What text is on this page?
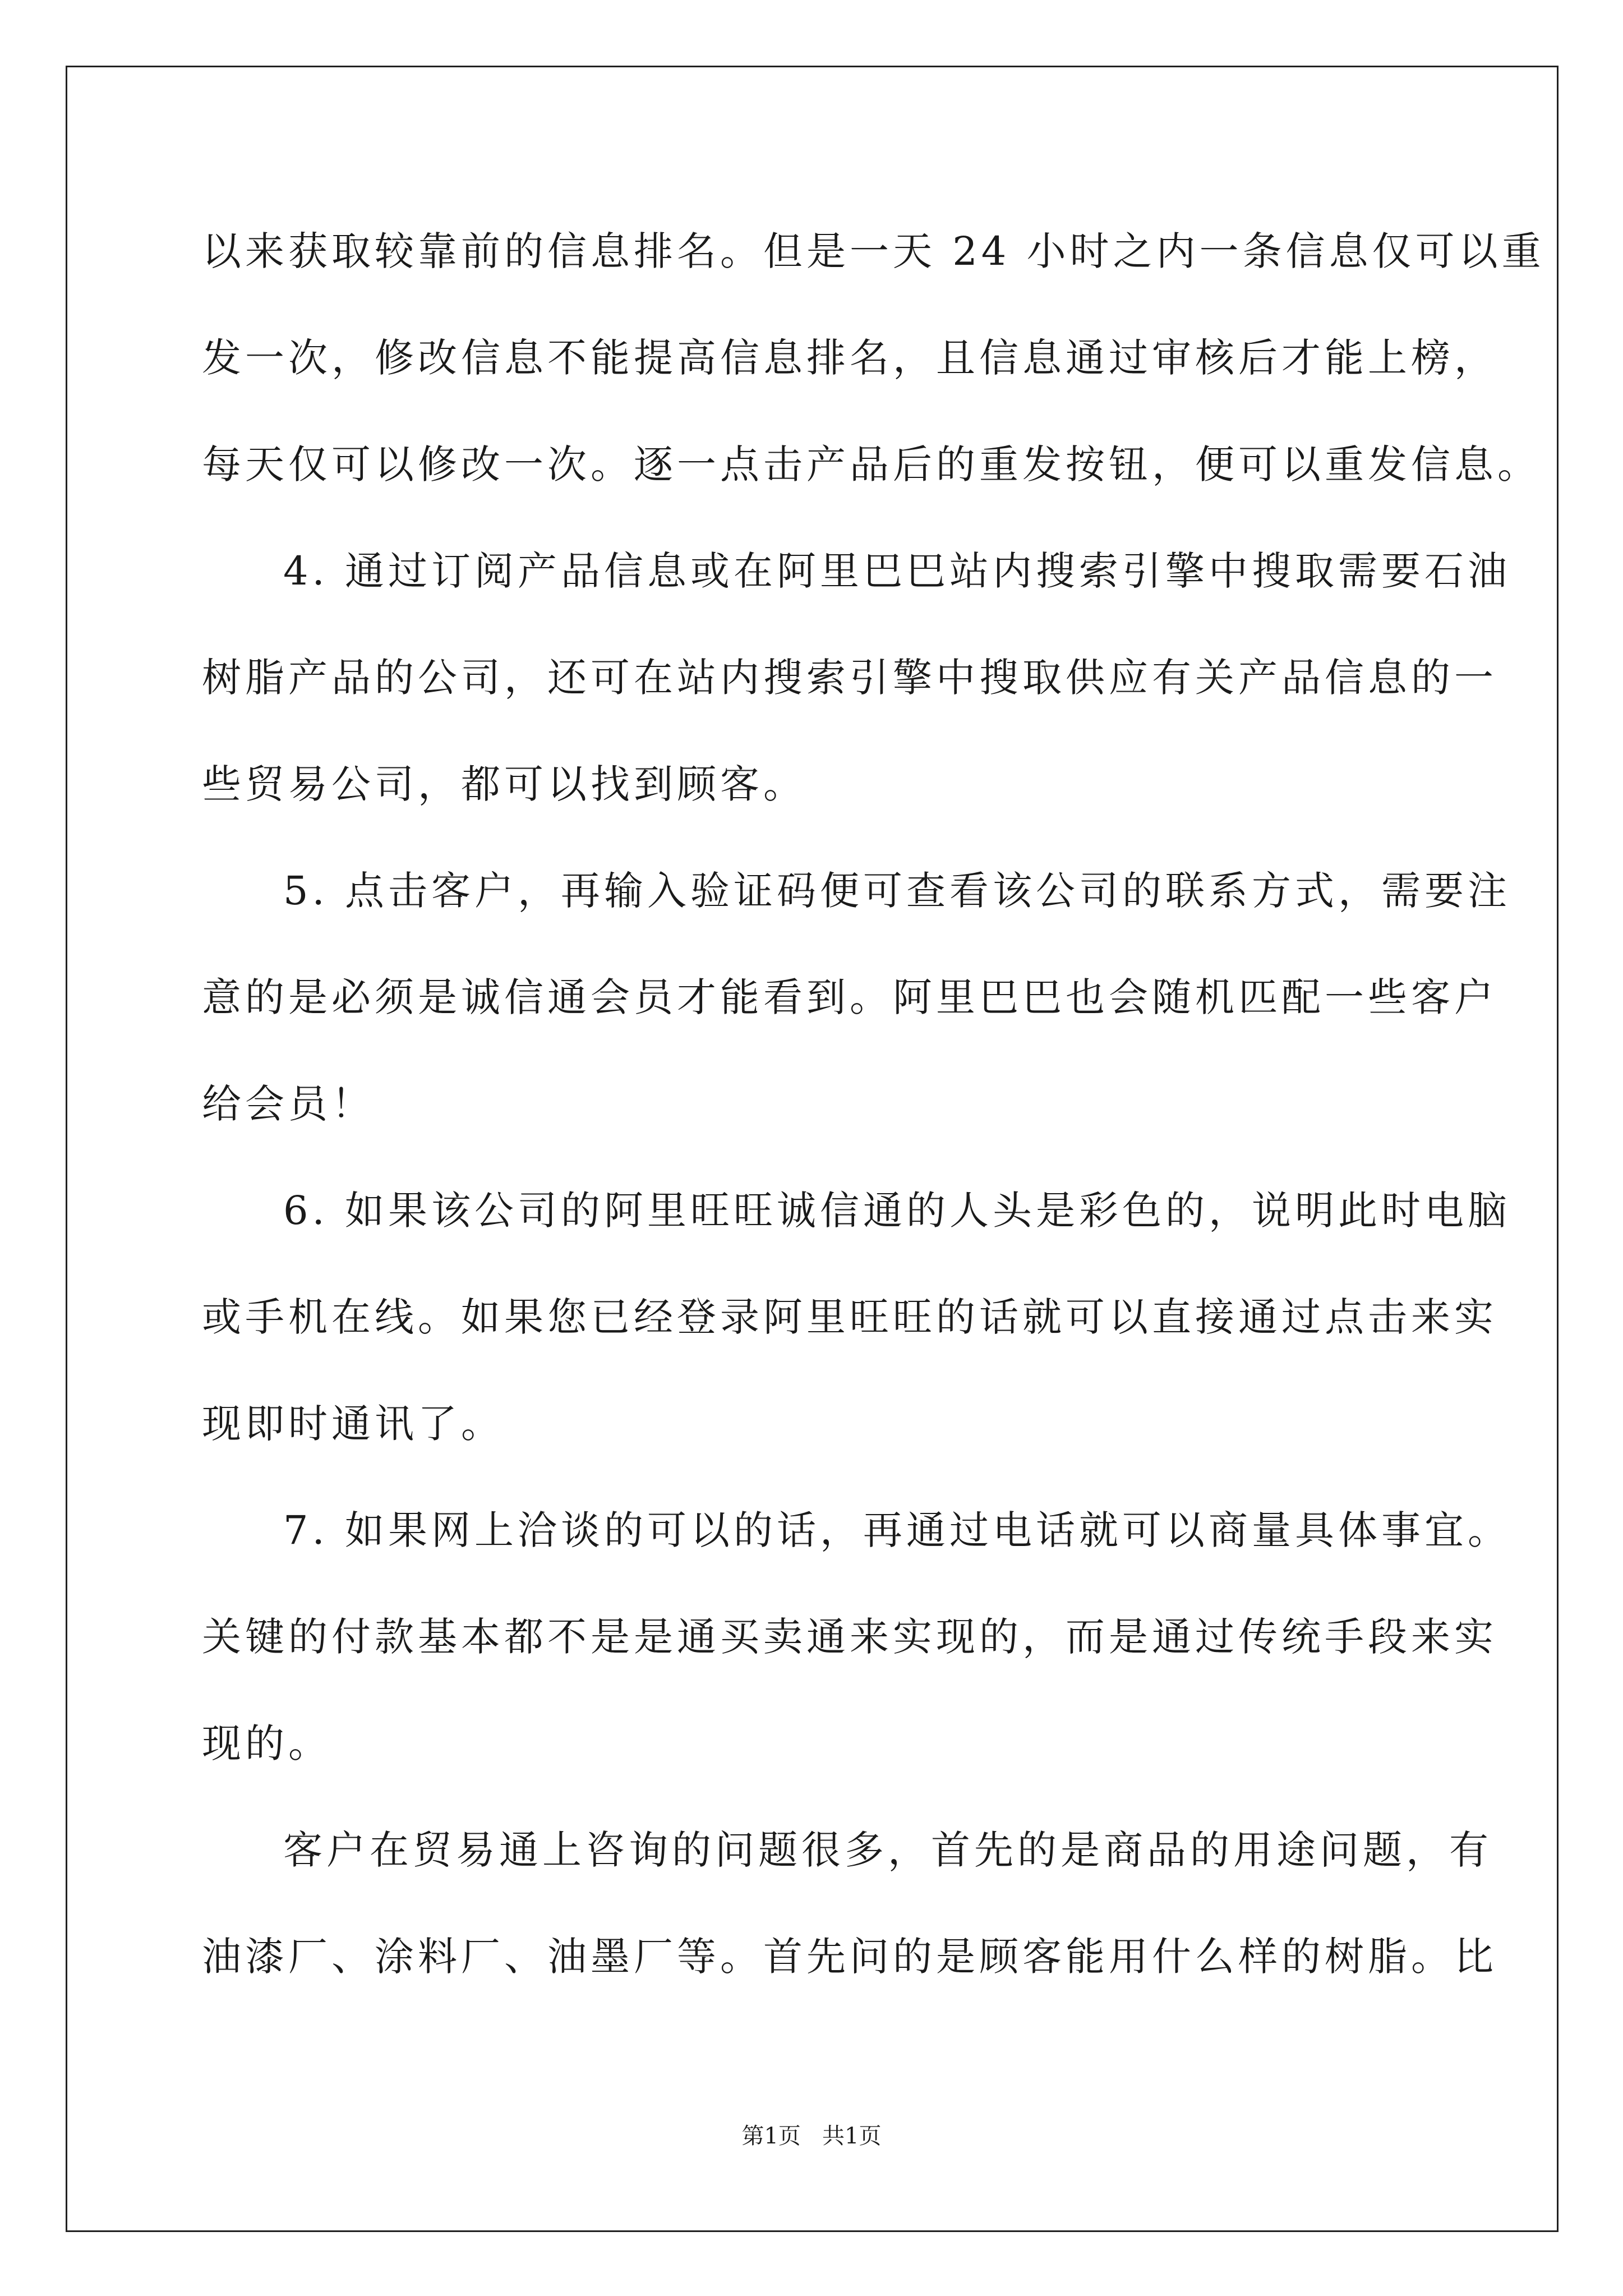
以来获取较靠前的信息排名。但是一天 24 小时之内一条信息仅可以重
发一次，修改信息不能提高信息排名，且信息通过审核后才能上榜，
每天仅可以修改一次。逐一点击产品后的重发按钮，便可以重发信息。
4. 通过订阅产品信息或在阿里巴巴站内搜索引擎中搜取需要石油
树脂产品的公司，还可在站内搜索引擎中搜取供应有关产品信息的一
些贸易公司，都可以找到顾客。
5. 点击客户，再输入验证码便可查看该公司的联系方式，需要注
意的是必须是诚信通会员才能看到。阿里巴巴也会随机匹配一些客户
给会员！
6. 如果该公司的阿里旺旺诚信通的人头是彩色的，说明此时电脑
或手机在线。如果您已经登录阿里旺旺的话就可以直接通过点击来实
现即时通讯了。
7. 如果网上洽谈的可以的话，再通过电话就可以商量具体事宜。
关键的付款基本都不是是通买卖通来实现的，而是通过传统手段来实
现的。
客户在贸易通上咨询的问题很多，首先的是商品的用途问题，有
油漆厂、涂料厂、油墨厂等。首先问的是顾客能用什么样的树脂。比
第1页   共1页
